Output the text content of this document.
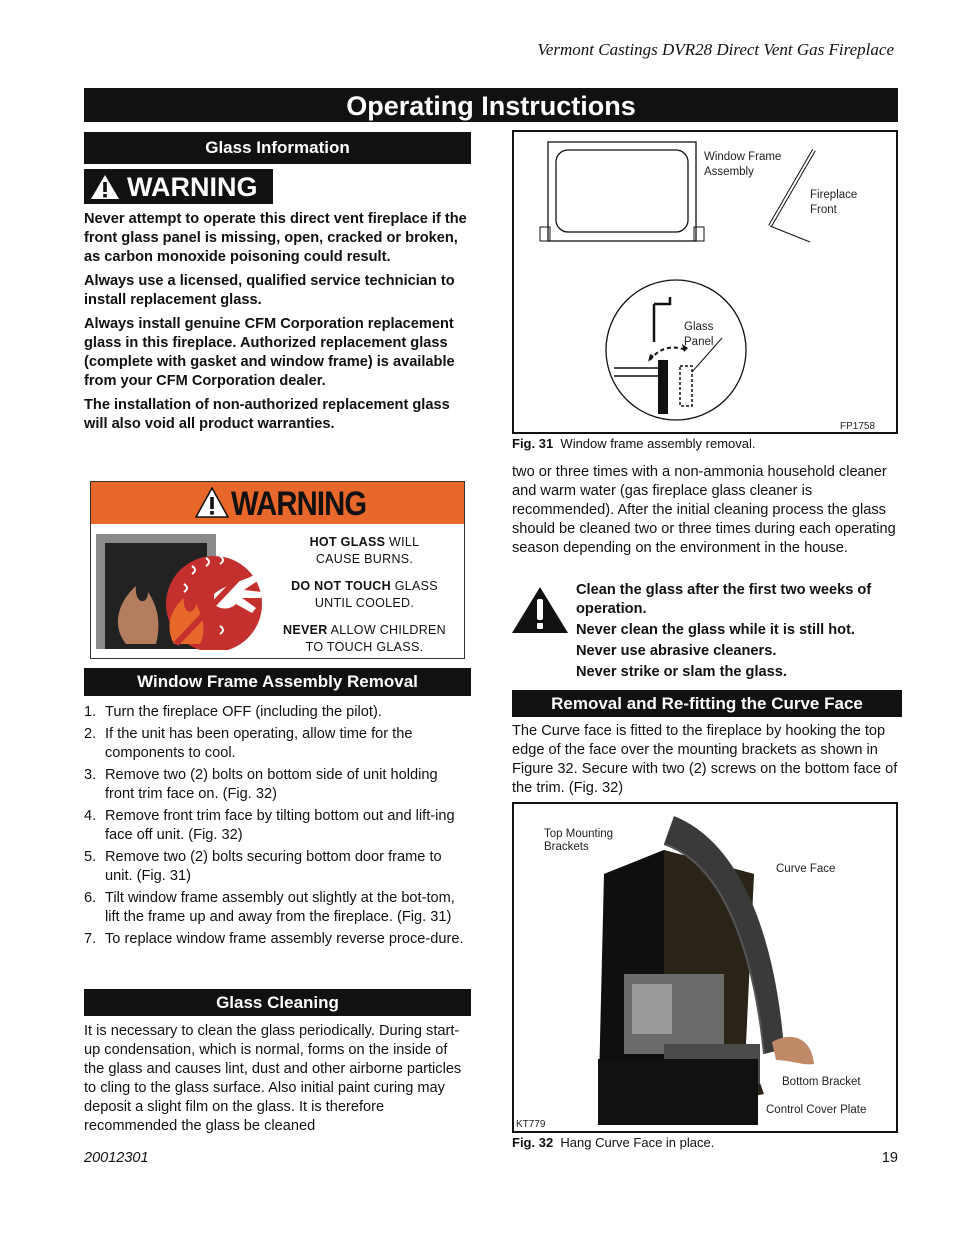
Vermont Castings DVR28 Direct Vent Gas Fireplace
Operating Instructions
Glass Information
WARNING

Never attempt to operate this direct vent fireplace if the front glass panel is missing, open, cracked or broken, as carbon monoxide poisoning could result.

Always use a licensed, qualified service technician to install replacement glass.

Always install genuine CFM Corporation replacement glass in this fireplace. Authorized replacement glass (complete with gasket and window frame) is available from your CFM Corporation dealer.

The installation of non-authorized replacement glass will also void all product warranties.

WARNING
HOT GLASS WILL
CAUSE BURNS.
DO NOT TOUCH GLASS
UNTIL COOLED.
NEVER ALLOW CHILDREN
TO TOUCH GLASS.
Window Frame Assembly Removal
1. Turn the fireplace OFF (including the pilot).
2. If the unit has been operating, allow time for the components to cool.
3. Remove two (2) bolts on bottom side of unit holding front trim face on. (Fig. 32)
4. Remove front trim face by tilting bottom out and lift-ing face off unit. (Fig. 32)
5. Remove two (2) bolts securing bottom door frame to unit. (Fig. 31)
6. Tilt window frame assembly out slightly at the bot-tom, lift the frame up and away from the fireplace. (Fig. 31)
7. To replace window frame assembly reverse proce-dure.
Glass Cleaning
It is necessary to clean the glass periodically. During start-up condensation, which is normal, forms on the inside of the glass and causes lint, dust and other airborne particles to cling to the glass surface. Also initial paint curing may deposit a slight film on the glass. It is therefore recommended the glass be cleaned
Window Frame Assembly
Fireplace Front
Glass Panel
FP1758
Fig. 31 Window frame assembly removal.
two or three times with a non-ammonia household cleaner and warm water (gas fireplace glass cleaner is recommended). After the initial cleaning process the glass should be cleaned two or three times during each operating season depending on the environment in the house.

Clean the glass after the first two weeks of operation.

Never clean the glass while it is still hot.

Never use abrasive cleaners.

Never strike or slam the glass.

Removal and Re-fitting the Curve Face
The Curve face is fitted to the fireplace by hooking the top edge of the face over the mounting brackets as shown in Figure 32. Secure with two (2) screws on the bottom face of the trim. (Fig. 32)
Top Mounting Brackets
Curve Face
Bottom Bracket
Control Cover Plate
KT779
Fig. 32 Hang Curve Face in place.
20012301	19
